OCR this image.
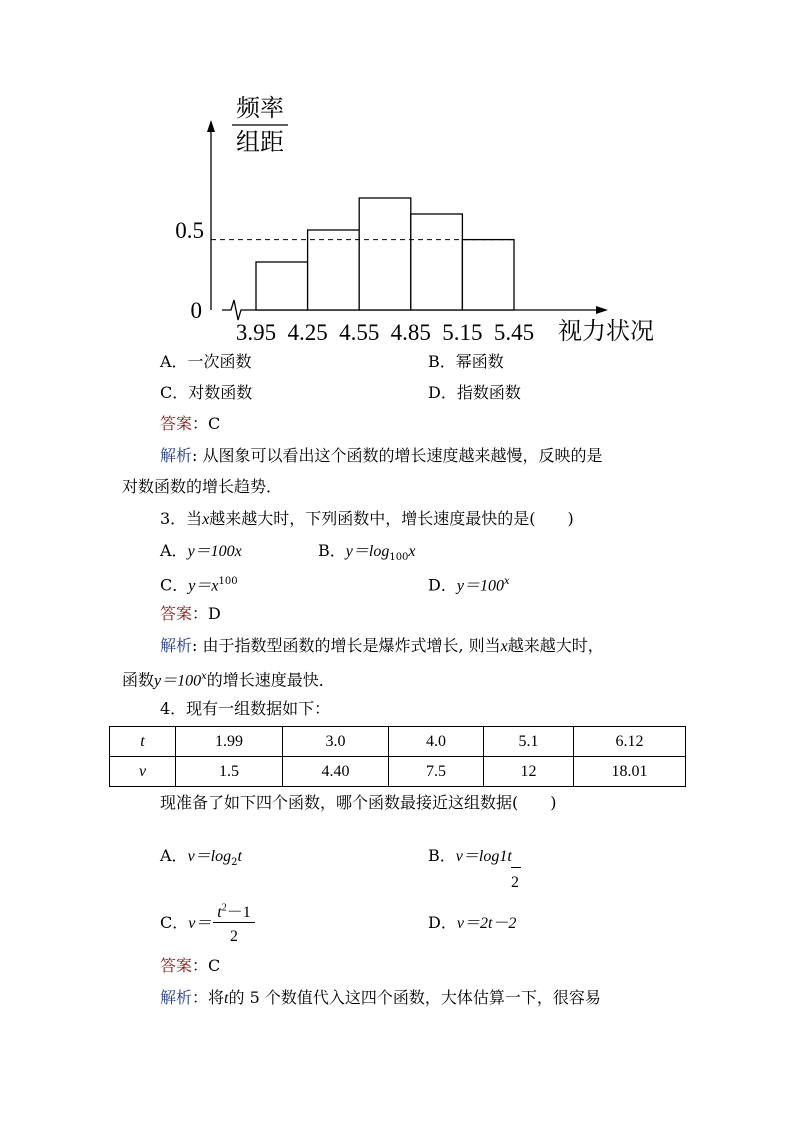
频率
组距
视力状况
3.95 4.25 4.55 4.85 5.15 5.45
0
0.5
A．一次函数	B．幂函数
C．对数函数	D．指数函数
答案：C
解析: 从图象可以看出这个函数的增长速度越来越慢，反映的是
对数函数的增长趋势．
3．当x越来越大时，下列函数中，增长速度最快的是(　　)
A．y＝100x	B．$y=\log_{100}x$
C．$y=x^{100}$	D．$y=100^x$
答案：D
解析: 由于指数型函数的增长是爆炸式增长, 则当x越来越大时，
函数$y=100^x$的增长速度最快．
4．现有一组数据如下：
t	1.99	3.0	4.0	5.1	6.12
v	1.5	4.40	7.5	12	18.01
现准备了如下四个函数，哪个函数最接近这组数据(　　)
A．$v=\log_2t$	B．v＝log1t
2
C．v＝
$t^2-1$
2
D．v＝2t－2
答案：C
解析：将t的 5 个数值代入这四个函数，大体估算一下，很容易
